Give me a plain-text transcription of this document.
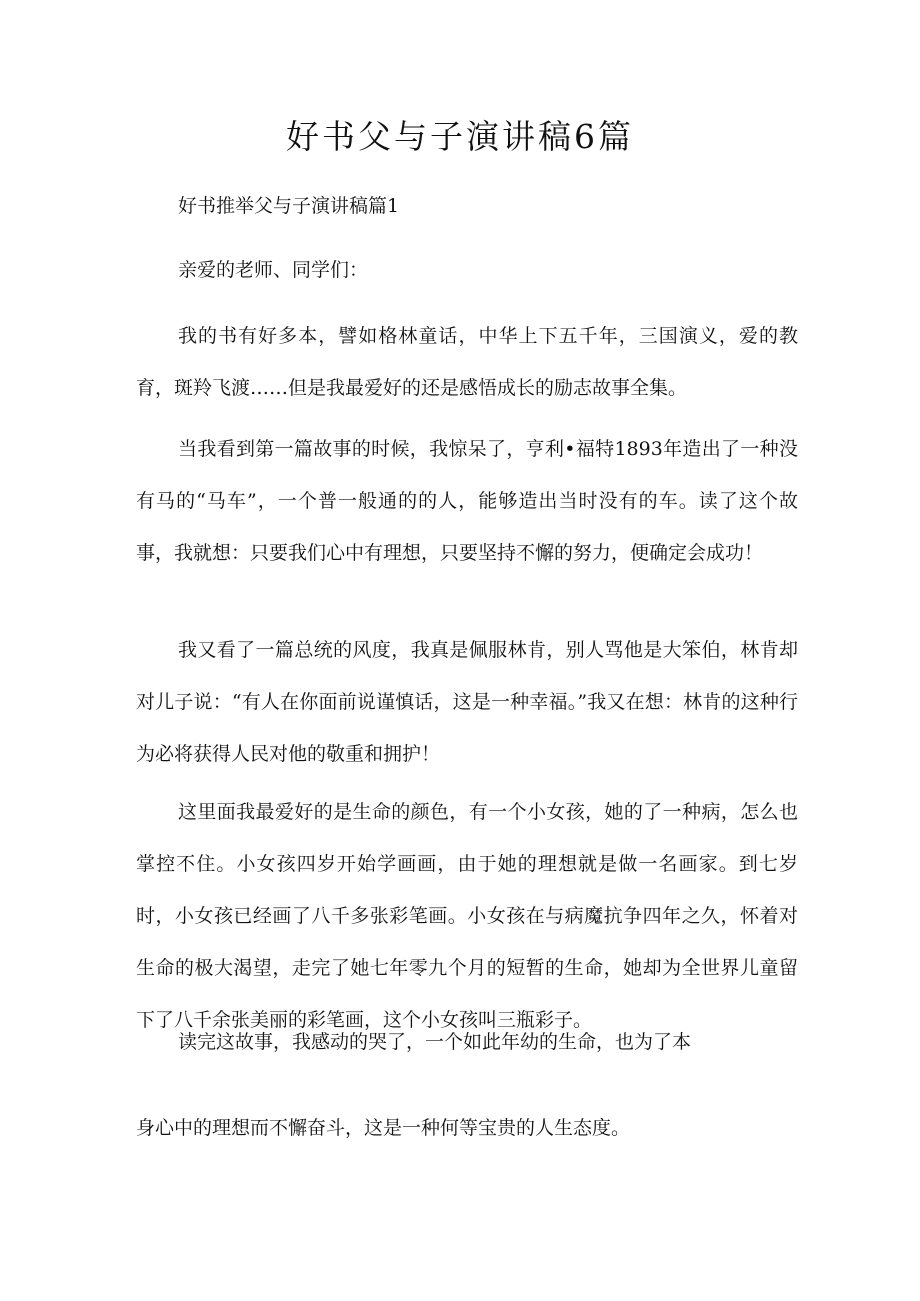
好书父与子演讲稿6篇

好书推举父与子演讲稿篇1

亲爱的老师、同学们：

我的书有好多本，譬如格林童话，中华上下五千年，三国演义，爱的教育，斑羚飞渡……但是我最爱好的还是感悟成长的励志故事全集。

当我看到第一篇故事的时候，我惊呆了，亨利•福特1893年造出了一种没有马的“马车”，一个普一般通的的人，能够造出当时没有的车。读了这个故事，我就想：只要我们心中有理想，只要坚持不懈的努力，便确定会成功！

我又看了一篇总统的风度，我真是佩服林肯，别人骂他是大笨伯，林肯却对儿子说：“有人在你面前说谨慎话，这是一种幸福。”我又在想：林肯的这种行为必将获得人民对他的敬重和拥护！

这里面我最爱好的是生命的颜色，有一个小女孩，她的了一种病，怎么也掌控不住。小女孩四岁开始学画画，由于她的理想就是做一名画家。到七岁时，小女孩已经画了八千多张彩笔画。小女孩在与病魔抗争四年之久，怀着对生命的极大渴望，走完了她七年零九个月的短暂的生命，她却为全世界儿童留下了八千余张美丽的彩笔画，这个小女孩叫三瓶彩子。

读完这故事，我感动的哭了，一个如此年幼的生命，也为了本

身心中的理想而不懈奋斗，这是一种何等宝贵的人生态度。
